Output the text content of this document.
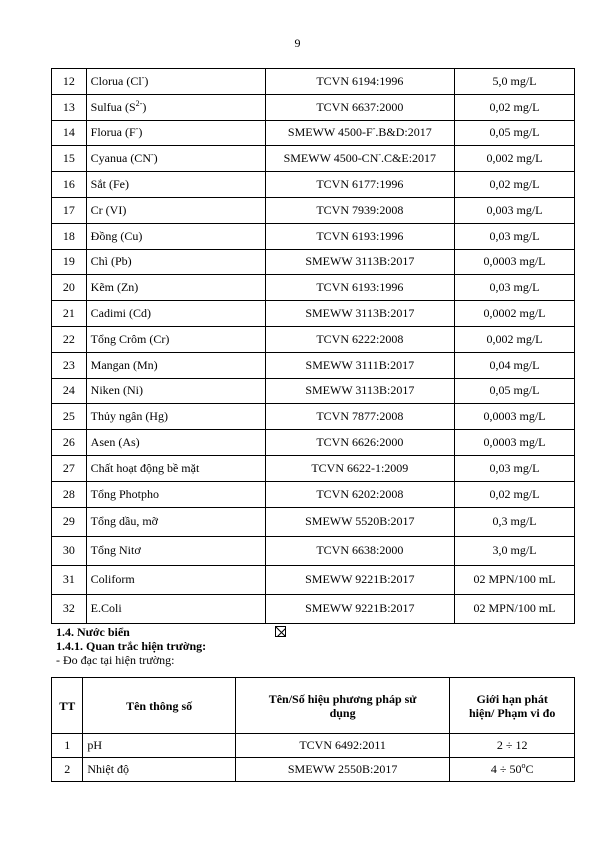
9
12	Clorua (Cl-)	TCVN 6194:1996	5,0 mg/L
13	Sulfua $(S^{2-})$	TCVN 6637:2000	0,02 mg/L
14	Florua (F-)	SMEWW 4500-F-.B&D:2017	0,05 mg/L
15	Cyanua (CN-)	SMEWW 4500-CN-.C&E:2017	0,002 mg/L
16	Sắt (Fe)	TCVN 6177:1996	0,02 mg/L
17	Cr (VI)	TCVN 7939:2008	0,003 mg/L
18	Đồng (Cu)	TCVN 6193:1996	0,03 mg/L
19	Chì (Pb)	SMEWW 3113B:2017	0,0003 mg/L
20	Kẽm (Zn)	TCVN 6193:1996	0,03 mg/L
21	Cadimi (Cd)	SMEWW 3113B:2017	0,0002 mg/L
22	Tổng Crôm (Cr)	TCVN 6222:2008	0,002 mg/L
23	Mangan (Mn)	SMEWW 3111B:2017	0,04 mg/L
24	Niken (Ni)	SMEWW 3113B:2017	0,05 mg/L
25	Thủy ngân (Hg)	TCVN 7877:2008	0,0003 mg/L
26	Asen (As)	TCVN 6626:2000	0,0003 mg/L
27	Chất hoạt động bề mặt	TCVN 6622-1:2009	0,03 mg/L
28	Tổng Photpho	TCVN 6202:2008	0,02 mg/L
29	Tổng dầu, mỡ	SMEWW 5520B:2017	0,3 mg/L
30	Tổng Nitơ	TCVN 6638:2000	3,0 mg/L
31	Coliform	SMEWW 9221B:2017	02 MPN/100 mL
32	E.Coli	SMEWW 9221B:2017	02 MPN/100 mL
1.4. Nước biển
1.4.1. Quan trắc hiện trường:
- Đo đạc tại hiện trường:
TT	Tên thông số	Tên/Số hiệu phương pháp sử dụng	Giới hạn phát hiện/ Phạm vi đo
1	pH	TCVN 6492:2011	2 ÷ 12
2	Nhiệt độ	SMEWW 2550B:2017	$4 \div 50^oC$
